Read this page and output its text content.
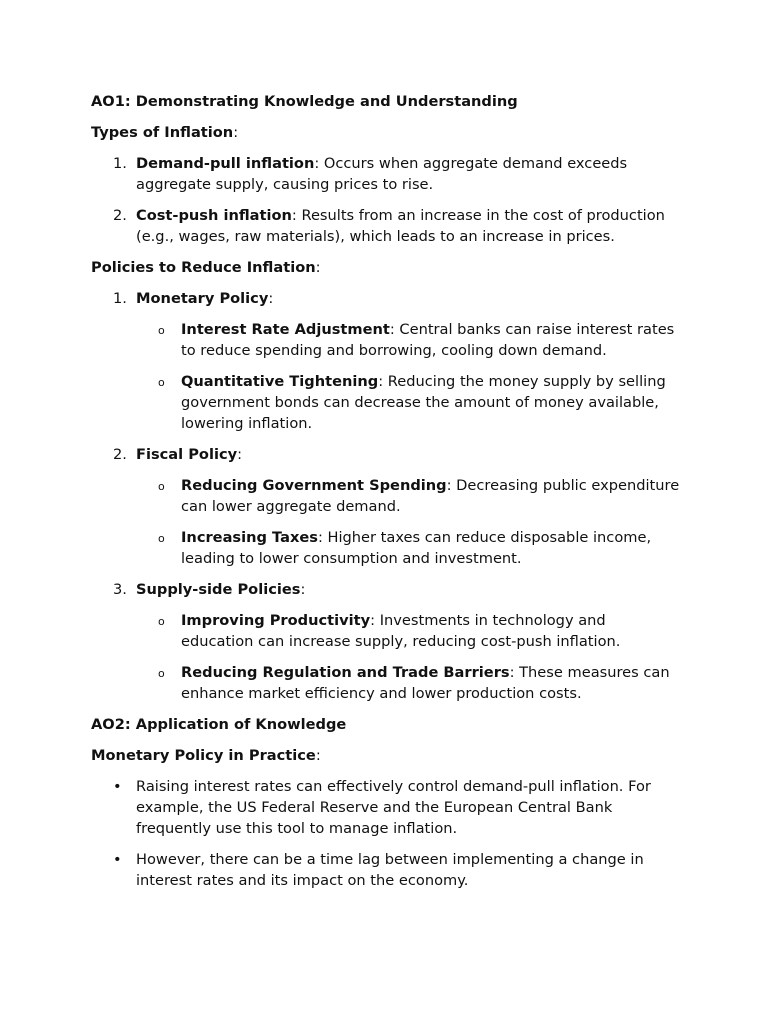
AO1: Demonstrating Knowledge and Understanding

Types of Inflation:

1. Demand-pull inflation: Occurs when aggregate demand exceeds aggregate supply, causing prices to rise.
2. Cost-push inflation: Results from an increase in the cost of production (e.g., wages, raw materials), which leads to an increase in prices.

Policies to Reduce Inflation:

1. Monetary Policy:
o	Interest Rate Adjustment: Central banks can raise interest rates to reduce spending and borrowing, cooling down demand.
o	Quantitative Tightening: Reducing the money supply by selling government bonds can decrease the amount of money available, lowering inflation.
2. Fiscal Policy:
o	Reducing Government Spending: Decreasing public expenditure can lower aggregate demand.
o	Increasing Taxes: Higher taxes can reduce disposable income, leading to lower consumption and investment.
3. Supply-side Policies:
o	Improving Productivity: Investments in technology and education can increase supply, reducing cost-push inflation.
o	Reducing Regulation and Trade Barriers: These measures can enhance market efficiency and lower production costs.

AO2: Application of Knowledge

Monetary Policy in Practice:

• Raising interest rates can effectively control demand-pull inflation. For example, the US Federal Reserve and the European Central Bank frequently use this tool to manage inflation.
• However, there can be a time lag between implementing a change in interest rates and its impact on the economy.
